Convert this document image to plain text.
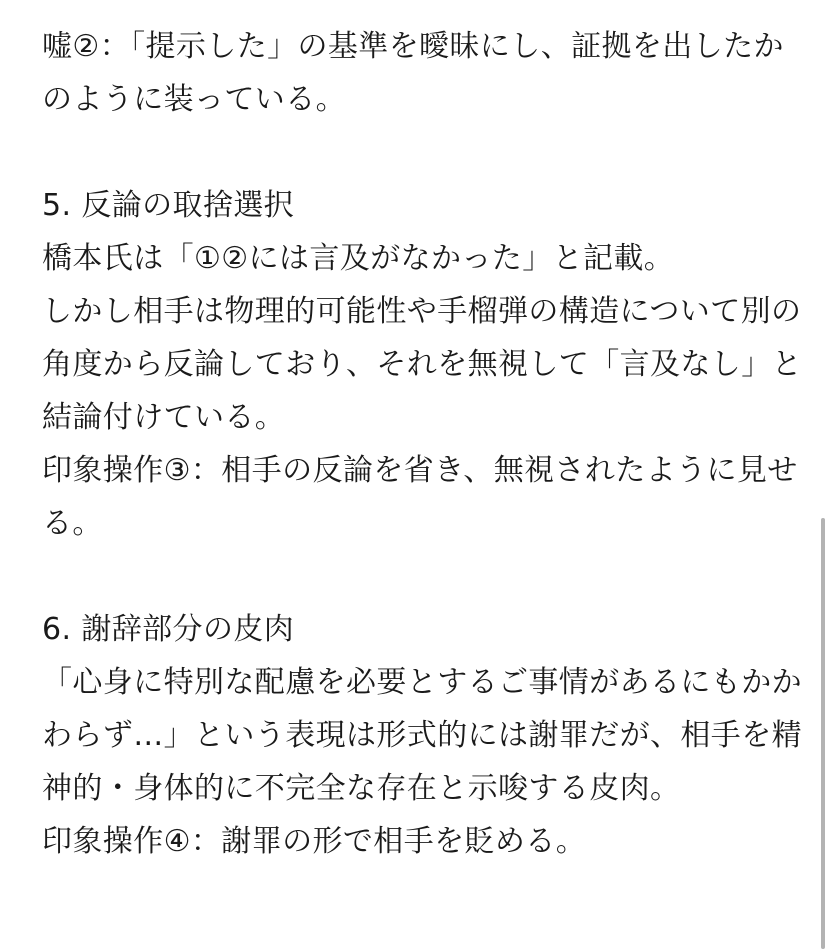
嘘②：「提示した」の基準を曖昧にし、証拠を出したかのように装っている。

5. 反論の取捨選択

橋本氏は「①②には言及がなかった」と記載。

しかし相手は物理的可能性や手榴弾の構造について別の角度から反論しており、それを無視して「言及なし」と結論付けている。

印象操作③：相手の反論を省き、無視されたように見せる。

6. 謝辞部分の皮肉

「心身に特別な配慮を必要とするご事情があるにもかかわらず…」という表現は形式的には謝罪だが、相手を精神的・身体的に不完全な存在と示唆する皮肉。

印象操作④：謝罪の形で相手を貶める。
